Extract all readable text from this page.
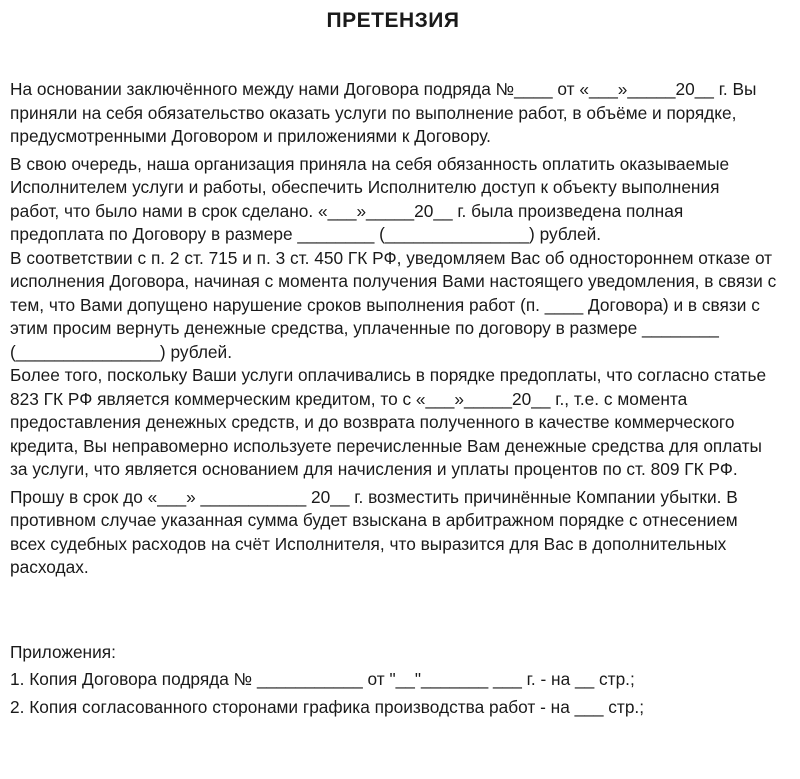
ПРЕТЕНЗИЯ
На основании заключённого между нами Договора подряда №____ от «___»_____20__ г. Вы
приняли на себя обязательство оказать услуги по выполнение работ, в объёме и порядке,
предусмотренными Договором и приложениями к Договору.
В свою очередь, наша организация приняла на себя обязанность оплатить оказываемые
Исполнителем услуги и работы, обеспечить Исполнителю доступ к объекту выполнения
работ, что было нами в срок сделано. «___»_____20__ г. была произведена полная
предоплата по Договору в размере ________ (_______________) рублей.
В соответствии с п. 2 ст. 715 и п. 3 ст. 450 ГК РФ, уведомляем Вас об одностороннем отказе от
исполнения Договора, начиная с момента получения Вами настоящего уведомления, в связи с
тем, что Вами допущено нарушение сроков выполнения работ (п. ____ Договора) и в связи с
этим просим вернуть денежные средства, уплаченные по договору в размере ________
(_______________) рублей.
Более того, поскольку Ваши услуги оплачивались в порядке предоплаты, что согласно статье
823 ГК РФ является коммерческим кредитом, то с «___»_____20__ г., т.е. с момента
предоставления денежных средств, и до возврата полученного в качестве коммерческого
кредита, Вы неправомерно используете перечисленные Вам денежные средства для оплаты
за услуги, что является основанием для начисления и уплаты процентов по ст. 809 ГК РФ.
Прошу в срок до «___» ___________ 20__ г. возместить причинённые Компании убытки. В
противном случае указанная сумма будет взыскана в арбитражном порядке с отнесением
всех судебных расходов на счёт Исполнителя, что выразится для Вас в дополнительных
расходах.
Приложения:
1. Копия Договора подряда № ___________ от "__"_______ ___ г. - на __ стр.;
2. Копия согласованного сторонами графика производства работ - на ___ стр.;
